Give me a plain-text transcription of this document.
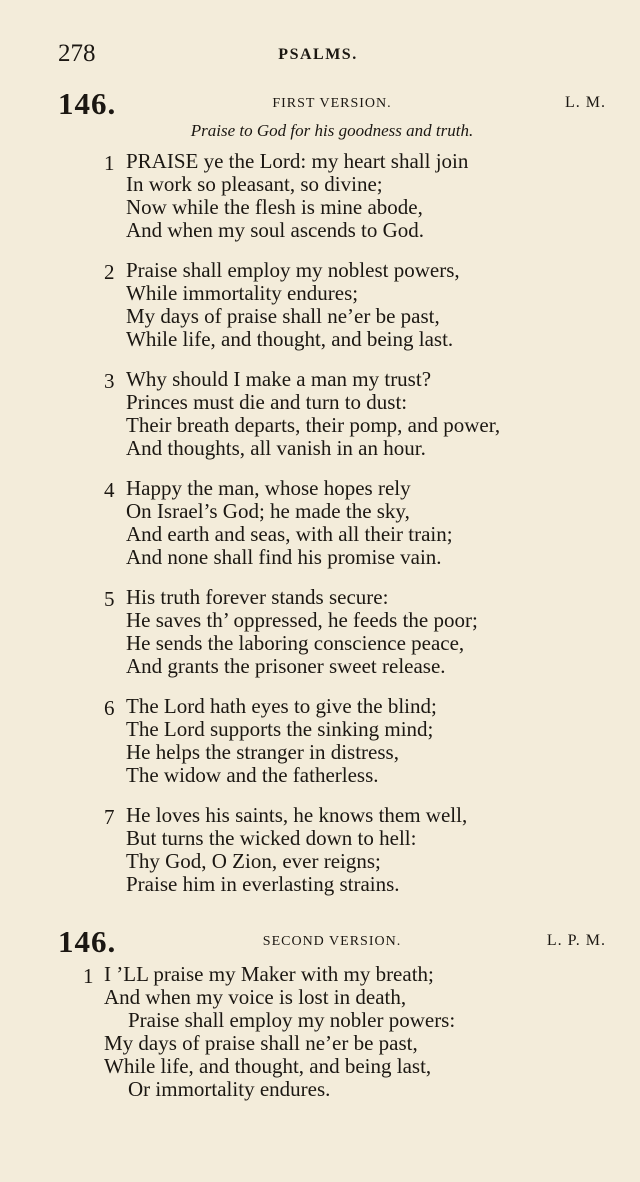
278	PSALMS.
146.	FIRST VERSION.	L. M.
Praise to God for his goodness and truth.
1 PRAISE ye the Lord: my heart shall join
In work so pleasant, so divine;
Now while the flesh is mine abode,
And when my soul ascends to God.
2 Praise shall employ my noblest powers,
While immortality endures;
My days of praise shall ne’er be past,
While life, and thought, and being last.
3 Why should I make a man my trust?
Princes must die and turn to dust:
Their breath departs, their pomp, and power,
And thoughts, all vanish in an hour.
4 Happy the man, whose hopes rely
On Israel’s God; he made the sky,
And earth and seas, with all their train;
And none shall find his promise vain.
5 His truth forever stands secure:
He saves th’ oppressed, he feeds the poor;
He sends the laboring conscience peace,
And grants the prisoner sweet release.
6 The Lord hath eyes to give the blind;
The Lord supports the sinking mind;
He helps the stranger in distress,
The widow and the fatherless.
7 He loves his saints, he knows them well,
But turns the wicked down to hell:
Thy God, O Zion, ever reigns;
Praise him in everlasting strains.
146.	SECOND VERSION.	L. P. M.
1 I ’LL praise my Maker with my breath;
And when my voice is lost in death,
Praise shall employ my nobler powers:
My days of praise shall ne’er be past,
While life, and thought, and being last,
Or immortality endures.
